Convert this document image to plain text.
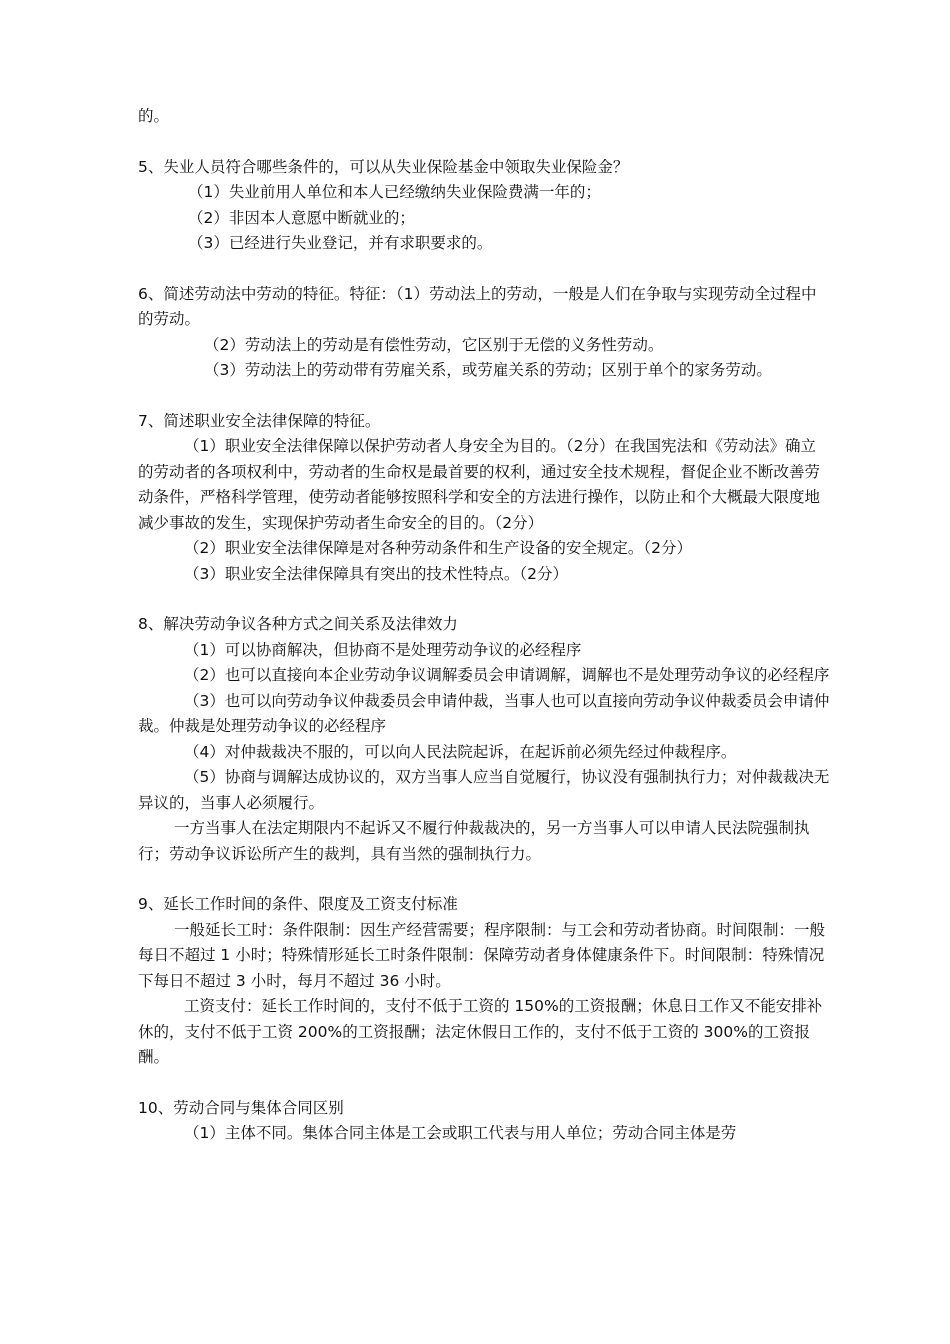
的。

5、失业人员符合哪些条件的，可以从失业保险基金中领取失业保险金？

（1）失业前用人单位和本人已经缴纳失业保险费满一年的；

（2）非因本人意愿中断就业的；

（3）已经进行失业登记，并有求职要求的。

6、简述劳动法中劳动的特征。特征：（1）劳动法上的劳动，一般是人们在争取与实现劳动全过程中的劳动。

（2）劳动法上的劳动是有偿性劳动，它区别于无偿的义务性劳动。

（3）劳动法上的劳动带有劳雇关系，或劳雇关系的劳动；区别于单个的家务劳动。

7、简述职业安全法律保障的特征。

（1）职业安全法律保障以保护劳动者人身安全为目的。（2分）在我国宪法和《劳动法》确立的劳动者的各项权利中，劳动者的生命权是最首要的权利，通过安全技术规程，督促企业不断改善劳动条件，严格科学管理，使劳动者能够按照科学和安全的方法进行操作，以防止和个大概最大限度地减少事故的发生，实现保护劳动者生命安全的目的。（2分）

（2）职业安全法律保障是对各种劳动条件和生产设备的安全规定。（2分）

（3）职业安全法律保障具有突出的技术性特点。（2分）

8、解决劳动争议各种方式之间关系及法律效力

（1）可以协商解决，但协商不是处理劳动争议的必经程序

（2）也可以直接向本企业劳动争议调解委员会申请调解，调解也不是处理劳动争议的必经程序

（3）也可以向劳动争议仲裁委员会申请仲裁，当事人也可以直接向劳动争议仲裁委员会申请仲裁。仲裁是处理劳动争议的必经程序

（4）对仲裁裁决不服的，可以向人民法院起诉，在起诉前必须先经过仲裁程序。

（5）协商与调解达成协议的，双方当事人应当自觉履行，协议没有强制执行力；对仲裁裁决无异议的，当事人必须履行。

一方当事人在法定期限内不起诉又不履行仲裁裁决的，另一方当事人可以申请人民法院强制执行；劳动争议诉讼所产生的裁判，具有当然的强制执行力。

9、延长工作时间的条件、限度及工资支付标准

一般延长工时：条件限制：因生产经营需要；程序限制：与工会和劳动者协商。时间限制：一般每日不超过 1 小时；特殊情形延长工时条件限制：保障劳动者身体健康条件下。时间限制：特殊情况下每日不超过 3 小时，每月不超过 36 小时。

工资支付：延长工作时间的，支付不低于工资的 150%的工资报酬；休息日工作又不能安排补休的，支付不低于工资 200%的工资报酬；法定休假日工作的，支付不低于工资的 300%的工资报酬。

10、劳动合同与集体合同区别

（1）主体不同。集体合同主体是工会或职工代表与用人单位；劳动合同主体是劳
